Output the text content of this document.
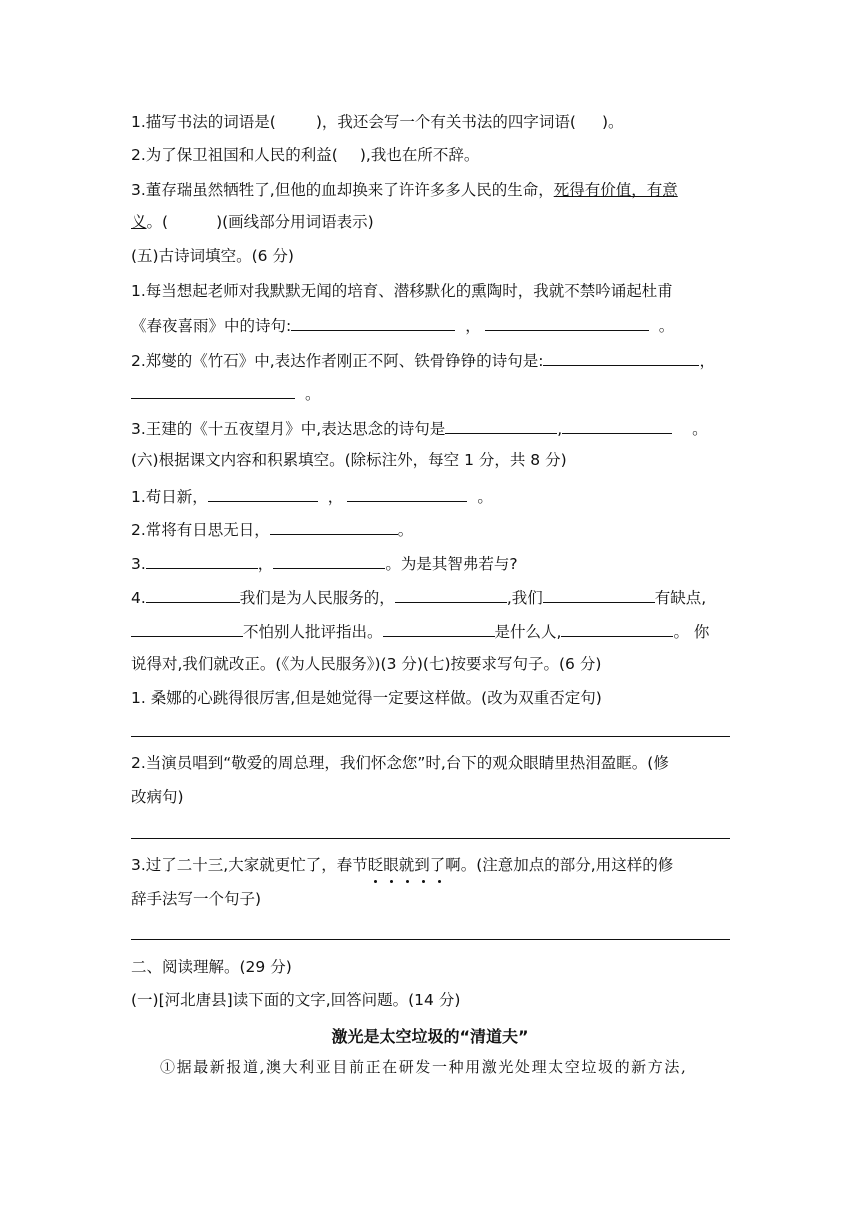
1.描写书法的词语是(	)，我还会写一个有关书法的四字词语( )。
2.为了保卫祖国和人民的利益( ),我也在所不辞。
3.董存瑞虽然牺牲了,但他的血却换来了许许多多人民的生命，死得有价值，有意
义。(	)(画线部分用词语表示)
(五)古诗词填空。(6 分)
1.每当想起老师对我默默无闻的培育、潜移默化的熏陶时，我就不禁吟诵起杜甫
《春夜喜雨》中的诗句:	，	。
2.郑燮的《竹石》中,表达作者刚正不阿、铁骨铮铮的诗句是:	，
。
3.王建的《十五夜望月》中,表达思念的诗句是	,	。
(六)根据课文内容和积累填空。(除标注外，每空 1 分，共 8 分)
1.苟日新，	，	。
2.常将有日思无日，	。
3.	，	。为是其智弗若与?
4.	我们是为人民服务的，	,我们	有缺点,
不怕别人批评指出。	是什么人,	。 你
说得对,我们就改正。(《为人民服务》)(3 分)(七)按要求写句子。(6 分)
1. 桑娜的心跳得很厉害,但是她觉得一定要这样做。(改为双重否定句)
2.当演员唱到“敬爱的周总理，我们怀念您”时,台下的观众眼睛里热泪盈眶。(修
改病句)
3.过了二十三,大家就更忙了，春节眨眼就到了
啊。(注意加点的部分,用这样的修
辞手法写一个句子)
二、阅读理解。(29 分)
(一)[河北唐县]读下面的文字,回答问题。(14 分)
激光是太空垃圾的“清道夫”
①据最新报道,澳大利亚目前正在研发一种用激光处理太空垃圾的新方法,
